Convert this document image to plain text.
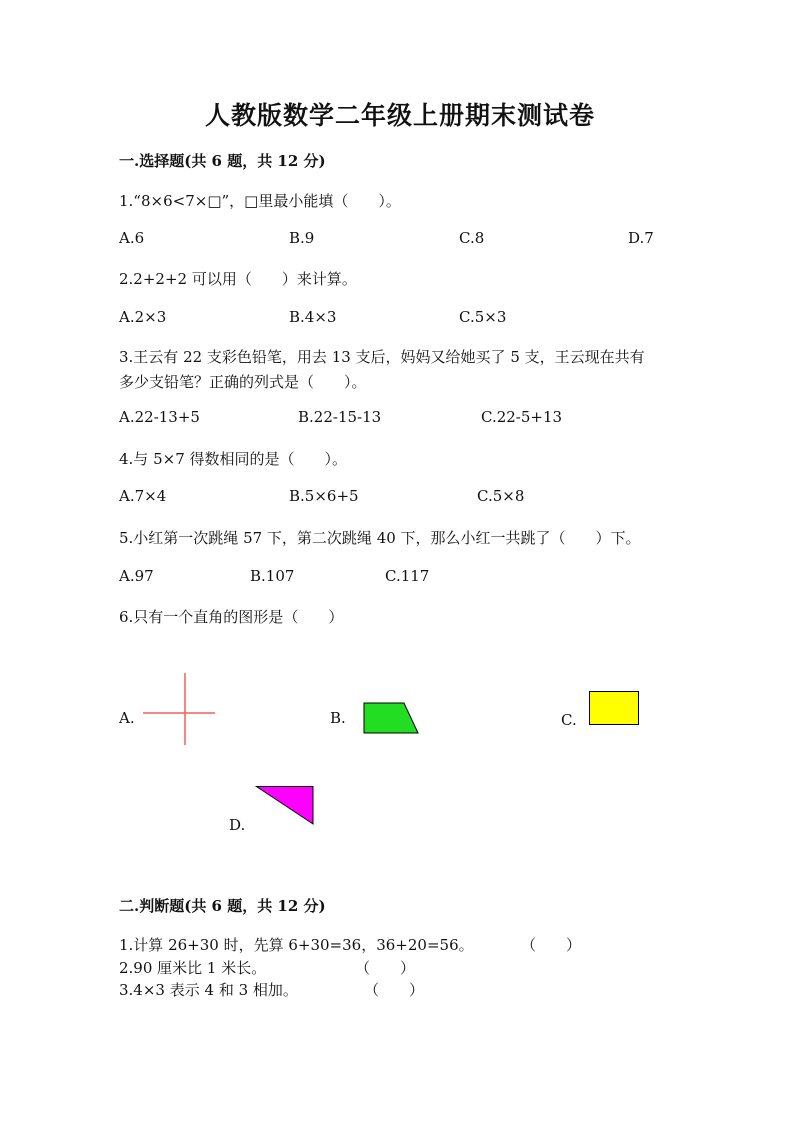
人教版数学二年级上册期末测试卷
一.选择题(共 6 题，共 12 分)
1.“8×6<7×□”，□里最小能填（　　）。
A.6	B.9	C.8	D.7
2.2+2+2 可以用（　　）来计算。
A.2×3	B.4×3	C.5×3
3.王云有 22 支彩色铅笔，用去 13 支后，妈妈又给她买了 5 支，王云现在共有
多少支铅笔？正确的列式是（　　）。
A.22-13+5	B.22-15-13	C.22-5+13
4.与 5×7 得数相同的是（　　）。
A.7×4	B.5×6+5	C.5×8
5.小红第一次跳绳 57 下，第二次跳绳 40 下，那么小红一共跳了（　　）下。
A.97	B.107	C.117
6.只有一个直角的图形是（　　）
A.	B.	C.
D.
二.判断题(共 6 题，共 12 分)
1.计算 26+30 时，先算 6+30=36，36+20=56。	（　　）
2.90 厘米比 1 米长。	（　　）
3.4×3 表示 4 和 3 相加。	（　　）
